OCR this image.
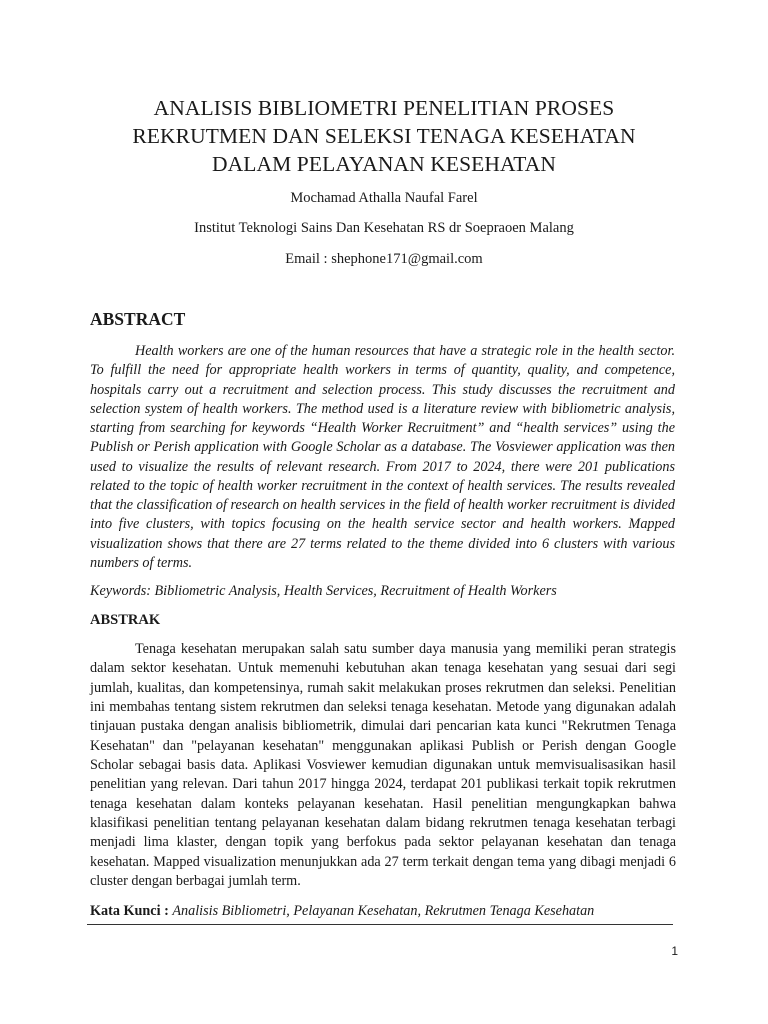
ANALISIS BIBLIOMETRI PENELITIAN PROSES
REKRUTMEN DAN SELEKSI TENAGA KESEHATAN
DALAM PELAYANAN KESEHATAN

Mochamad Athalla Naufal Farel

Institut Teknologi Sains Dan Kesehatan RS dr Soepraoen Malang

Email : shephone171@gmail.com

ABSTRACT

Health workers are one of the human resources that have a strategic role in the health sector. To fulfill the need for appropriate health workers in terms of quantity, quality, and competence, hospitals carry out a recruitment and selection process. This study discusses the recruitment and selection system of health workers. The method used is a literature review with bibliometric analysis, starting from searching for keywords “Health Worker Recruitment” and “health services” using the Publish or Perish application with Google Scholar as a database. The Vosviewer application was then used to visualize the results of relevant research. From 2017 to 2024, there were 201 publications related to the topic of health worker recruitment in the context of health services. The results revealed that the classification of research on health services in the field of health worker recruitment is divided into five clusters, with topics focusing on the health service sector and health workers. Mapped visualization shows that there are 27 terms related to the theme divided into 6 clusters with various numbers of terms.

Keywords: Bibliometric Analysis, Health Services, Recruitment of Health Workers

ABSTRAK

Tenaga kesehatan merupakan salah satu sumber daya manusia yang memiliki peran strategis dalam sektor kesehatan. Untuk memenuhi kebutuhan akan tenaga kesehatan yang sesuai dari segi jumlah, kualitas, dan kompetensinya, rumah sakit melakukan proses rekrutmen dan seleksi. Penelitian ini membahas tentang sistem rekrutmen dan seleksi tenaga kesehatan. Metode yang digunakan adalah tinjauan pustaka dengan analisis bibliometrik, dimulai dari pencarian kata kunci "Rekrutmen Tenaga Kesehatan" dan "pelayanan kesehatan" menggunakan aplikasi Publish or Perish dengan Google Scholar sebagai basis data. Aplikasi Vosviewer kemudian digunakan untuk memvisualisasikan hasil penelitian yang relevan. Dari tahun 2017 hingga 2024, terdapat 201 publikasi terkait topik rekrutmen tenaga kesehatan dalam konteks pelayanan kesehatan. Hasil penelitian mengungkapkan bahwa klasifikasi penelitian tentang pelayanan kesehatan dalam bidang rekrutmen tenaga kesehatan terbagi menjadi lima klaster, dengan topik yang berfokus pada sektor pelayanan kesehatan dan tenaga kesehatan. Mapped visualization menunjukkan ada 27 term terkait dengan tema yang dibagi menjadi 6 cluster dengan berbagai jumlah term.

Kata Kunci : Analisis Bibliometri, Pelayanan Kesehatan, Rekrutmen Tenaga Kesehatan

1
